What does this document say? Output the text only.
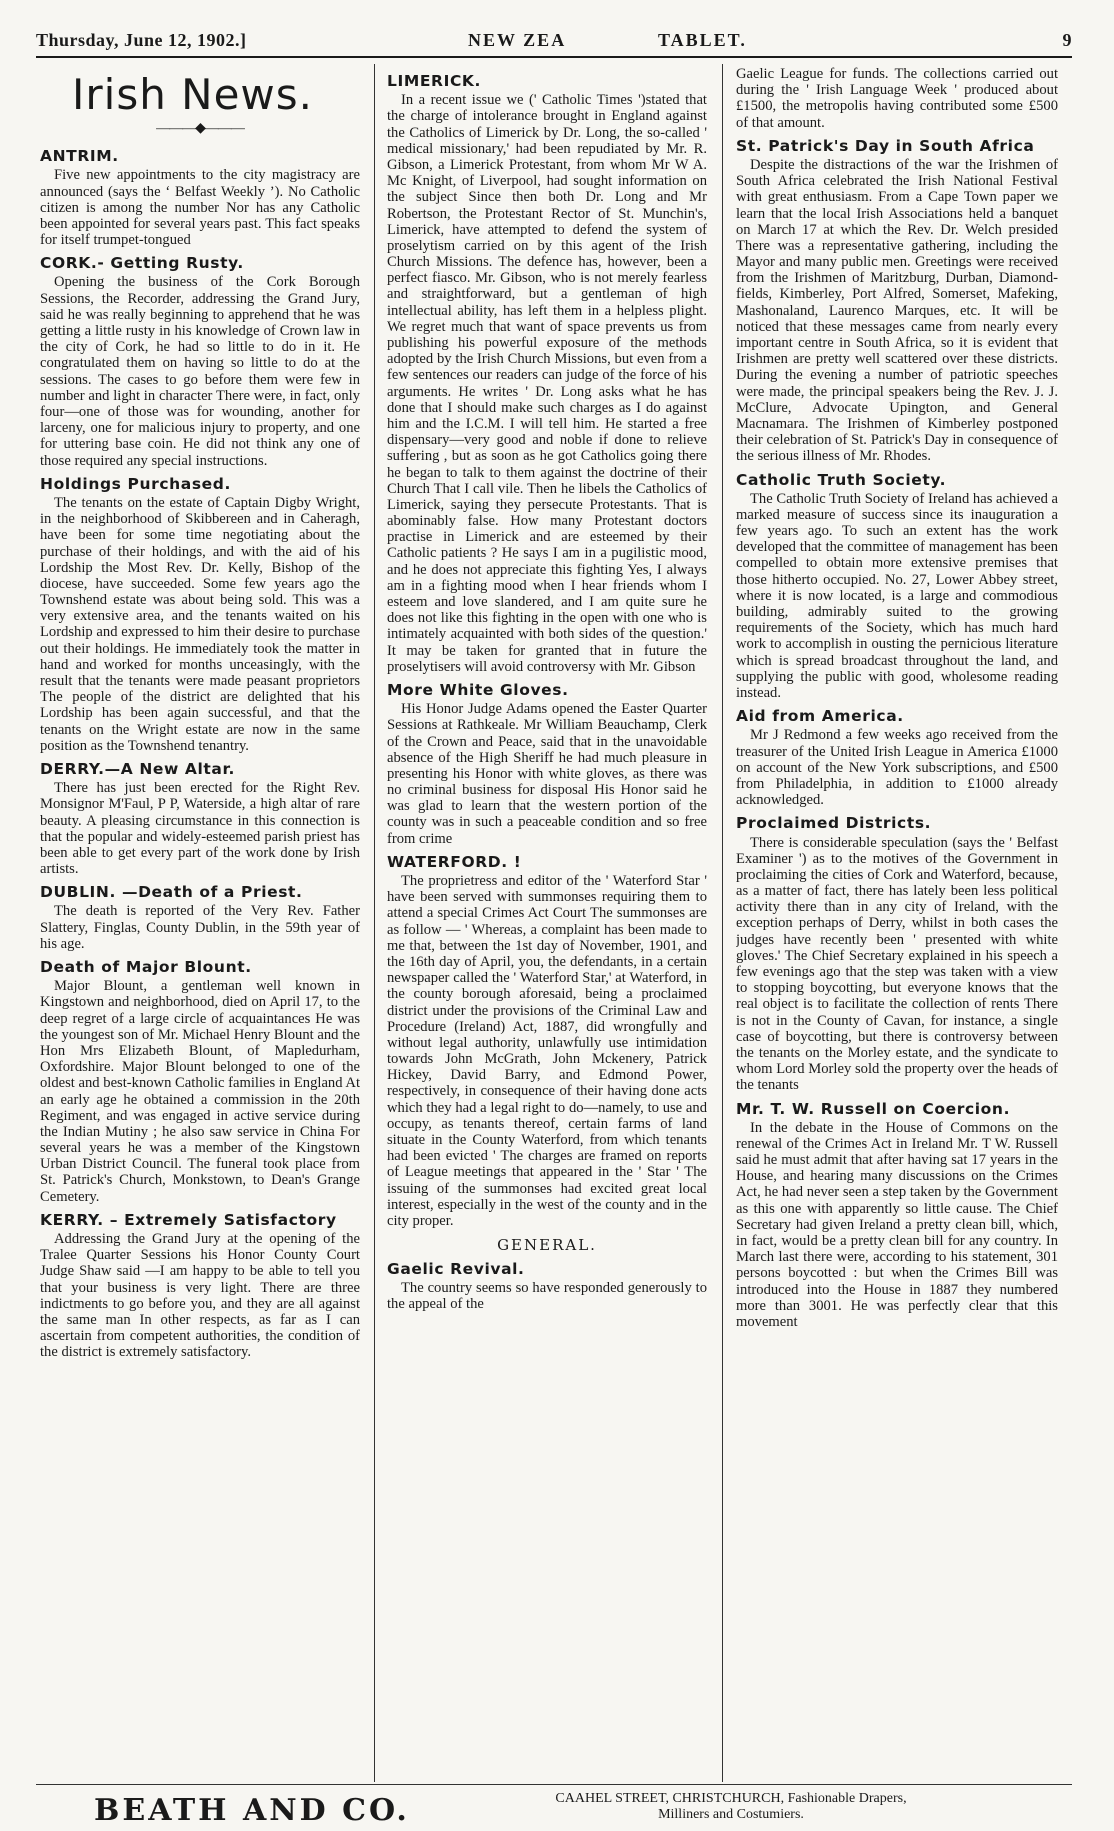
Thursday, June 12, 1902.]	NEW ZEA	TABLET.	9
Irish News.
———◆———
ANTRIM.

Five new appointments to the city magistracy are announced (says the ‘ Belfast Weekly ’). No Catholic citizen is among the number Nor has any Catholic been appointed for several years past. This fact speaks for itself trumpet-tongued

CORK.- Getting Rusty.

Opening the business of the Cork Borough Sessions, the Recorder, addressing the Grand Jury, said he was really beginning to apprehend that he was getting a little rusty in his knowledge of Crown law in the city of Cork, he had so little to do in it. He congratulated them on having so little to do at the sessions. The cases to go before them were few in number and light in character There were, in fact, only four—one of those was for wounding, another for larceny, one for malicious injury to property, and one for uttering base coin. He did not think any one of those required any special instructions.

Holdings Purchased.

The tenants on the estate of Captain Digby Wright, in the neighborhood of Skibbereen and in Caheragh, have been for some time negotiating about the purchase of their holdings, and with the aid of his Lordship the Most Rev. Dr. Kelly, Bishop of the diocese, have succeeded. Some few years ago the Townshend estate was about being sold. This was a very extensive area, and the tenants waited on his Lordship and expressed to him their desire to purchase out their holdings. He immediately took the matter in hand and worked for months unceasingly, with the result that the tenants were made peasant proprietors The people of the district are delighted that his Lordship has been again successful, and that the tenants on the Wright estate are now in the same position as the Townshend tenantry.

DERRY.—A New Altar.

There has just been erected for the Right Rev. Monsignor M'Faul, P P, Waterside, a high altar of rare beauty. A pleasing circumstance in this connection is that the popular and widely-esteemed parish priest has been able to get every part of the work done by Irish artists.

DUBLIN. —Death of a Priest.

The death is reported of the Very Rev. Father Slattery, Finglas, County Dublin, in the 59th year of his age.

Death of Major Blount.

Major Blount, a gentleman well known in Kingstown and neighborhood, died on April 17, to the deep regret of a large circle of acquaintances He was the youngest son of Mr. Michael Henry Blount and the Hon Mrs Elizabeth Blount, of Mapledurham, Oxfordshire. Major Blount belonged to one of the oldest and best-known Catholic families in England At an early age he obtained a commission in the 20th Regiment, and was engaged in active service during the Indian Mutiny ; he also saw service in China For several years he was a member of the Kingstown Urban District Council. The funeral took place from St. Patrick's Church, Monkstown, to Dean's Grange Cemetery.

KERRY. – Extremely Satisfactory

Addressing the Grand Jury at the opening of the Tralee Quarter Sessions his Honor County Court Judge Shaw said —I am happy to be able to tell you that your business is very light. There are three indictments to go before you, and they are all against the same man In other respects, as far as I can ascertain from competent authorities, the condition of the district is extremely satisfactory.

LIMERICK.

In a recent issue we (' Catholic Times ')stated that the charge of intolerance brought in England against the Catholics of Limerick by Dr. Long, the so-called ' medical missionary,' had been repudiated by Mr. R. Gibson, a Limerick Protestant, from whom Mr W A. Mc Knight, of Liverpool, had sought information on the subject Since then both Dr. Long and Mr Robertson, the Protestant Rector of St. Munchin's, Limerick, have attempted to defend the system of proselytism carried on by this agent of the Irish Church Missions. The defence has, however, been a perfect fiasco. Mr. Gibson, who is not merely fearless and straightforward, but a gentleman of high intellectual ability, has left them in a helpless plight. We regret much that want of space prevents us from publishing his powerful exposure of the methods adopted by the Irish Church Missions, but even from a few sentences our readers can judge of the force of his arguments. He writes ' Dr. Long asks what he has done that I should make such charges as I do against him and the I.C.M. I will tell him. He started a free dispensary—very good and noble if done to relieve suffering , but as soon as he got Catholics going there he began to talk to them against the doctrine of their Church That I call vile. Then he libels the Catholics of Limerick, saying they persecute Protestants. That is abominably false. How many Protestant doctors practise in Limerick and are esteemed by their Catholic patients ? He says I am in a pugilistic mood, and he does not appreciate this fighting Yes, I always am in a fighting mood when I hear friends whom I esteem and love slandered, and I am quite sure he does not like this fighting in the open with one who is intimately acquainted with both sides of the question.' It may be taken for granted that in future the proselytisers will avoid controversy with Mr. Gibson

More White Gloves.

His Honor Judge Adams opened the Easter Quarter Sessions at Rathkeale. Mr William Beauchamp, Clerk of the Crown and Peace, said that in the unavoidable absence of the High Sheriff he had much pleasure in presenting his Honor with white gloves, as there was no criminal business for disposal His Honor said he was glad to learn that the western portion of the county was in such a peaceable condition and so free from crime

WATERFORD. !

The proprietress and editor of the ' Waterford Star ' have been served with summonses requiring them to attend a special Crimes Act Court The summonses are as follow — ' Whereas, a complaint has been made to me that, between the 1st day of November, 1901, and the 16th day of April, you, the defendants, in a certain newspaper called the ' Waterford Star,' at Waterford, in the county borough aforesaid, being a proclaimed district under the provisions of the Criminal Law and Procedure (Ireland) Act, 1887, did wrongfully and without legal authority, unlawfully use intimidation towards John McGrath, John Mckenery, Patrick Hickey, David Barry, and Edmond Power, respectively, in consequence of their having done acts which they had a legal right to do—namely, to use and occupy, as tenants thereof, certain farms of land situate in the County Waterford, from which tenants had been evicted ' The charges are framed on reports of League meetings that appeared in the ' Star ' The issuing of the summonses had excited great local interest, especially in the west of the county and in the city proper.

GENERAL.
Gaelic Revival.

The country seems so have responded generously to the appeal of the

Gaelic League for funds. The collections carried out during the ' Irish Language Week ' produced about £1500, the metropolis having contributed some £500 of that amount.

St. Patrick's Day in South Africa

Despite the distractions of the war the Irishmen of South Africa celebrated the Irish National Festival with great enthusiasm. From a Cape Town paper we learn that the local Irish Associations held a banquet on March 17 at which the Rev. Dr. Welch presided There was a representative gathering, including the Mayor and many public men. Greetings were received from the Irishmen of Maritzburg, Durban, Diamond-fields, Kimberley, Port Alfred, Somerset, Mafeking, Mashonaland, Laurenco Marques, etc. It will be noticed that these messages came from nearly every important centre in South Africa, so it is evident that Irishmen are pretty well scattered over these districts. During the evening a number of patriotic speeches were made, the principal speakers being the Rev. J. J. McClure, Advocate Upington, and General Macnamara. The Irishmen of Kimberley postponed their celebration of St. Patrick's Day in consequence of the serious illness of Mr. Rhodes.

Catholic Truth Society.

The Catholic Truth Society of Ireland has achieved a marked measure of success since its inauguration a few years ago. To such an extent has the work developed that the committee of management has been compelled to obtain more extensive premises that those hitherto occupied. No. 27, Lower Abbey street, where it is now located, is a large and commodious building, admirably suited to the growing requirements of the Society, which has much hard work to accomplish in ousting the pernicious literature which is spread broadcast throughout the land, and supplying the public with good, wholesome reading instead.

Aid from America.

Mr J Redmond a few weeks ago received from the treasurer of the United Irish League in America £1000 on account of the New York subscriptions, and £500 from Philadelphia, in addition to £1000 already acknowledged.

Proclaimed Districts.

There is considerable speculation (says the ' Belfast Examiner ') as to the motives of the Government in proclaiming the cities of Cork and Waterford, because, as a matter of fact, there has lately been less political activity there than in any city of Ireland, with the exception perhaps of Derry, whilst in both cases the judges have recently been ' presented with white gloves.' The Chief Secretary explained in his speech a few evenings ago that the step was taken with a view to stopping boycotting, but everyone knows that the real object is to facilitate the collection of rents There is not in the County of Cavan, for instance, a single case of boycotting, but there is controversy between the tenants on the Morley estate, and the syndicate to whom Lord Morley sold the property over the heads of the tenants

Mr. T. W. Russell on Coercion.

In the debate in the House of Commons on the renewal of the Crimes Act in Ireland Mr. T W. Russell said he must admit that after having sat 17 years in the House, and hearing many discussions on the Crimes Act, he had never seen a step taken by the Government as this one with apparently so little cause. The Chief Secretary had given Ireland a pretty clean bill, which, in fact, would be a pretty clean bill for any country. In March last there were, according to his statement, 301 persons boycotted : but when the Crimes Bill was introduced into the House in 1887 they numbered more than 3001. He was perfectly clear that this movement

BEATH AND CO.	CAAHEL STREET, CHRISTCHURCH, Fashionable Drapers,
Milliners and Costumiers.
